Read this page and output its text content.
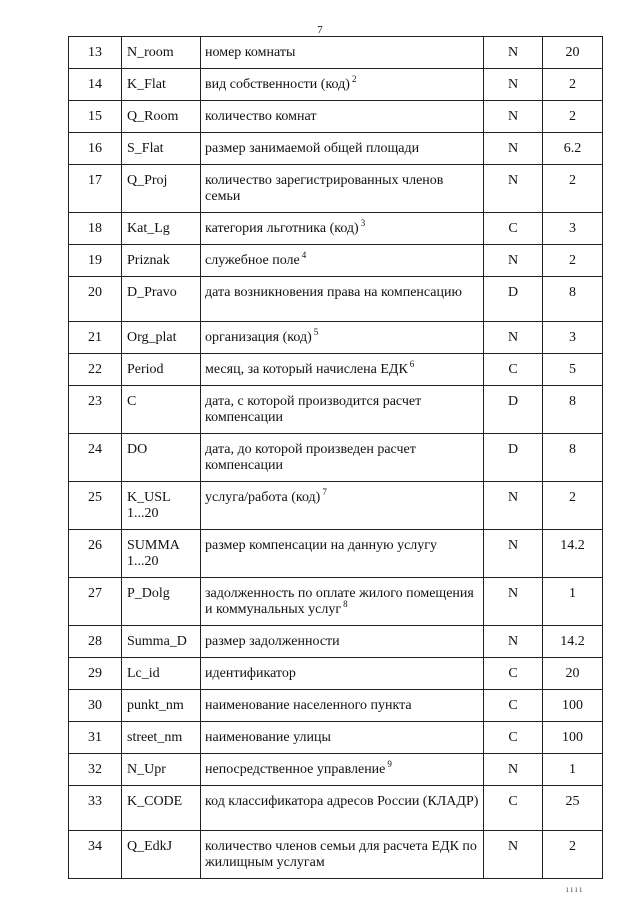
7
13	N_room	номер комнаты	N	20
14	K_Flat	вид собственности (код) $^2$	N	2
15	Q_Room	количество комнат	N	2
16	S_Flat	размер занимаемой общей площади	N	6.2
17	Q_Proj	количество зарегистрированных членов семьи	N	2
18	Kat_Lg	категория льготника (код) $^3$	C	3
19	Priznak	служебное поле $^4$	N	2
20	D_Pravo	дата возникновения права на компенсацию	D	8
21	Org_plat	организация (код) $^5$	N	3
22	Period	месяц, за который начислена ЕДК $^6$	C	5
23	C	дата, с которой производится расчет компенсации	D	8
24	DO	дата, до которой произведен расчет компенсации	D	8
25	K_USL 1...20	услуга/работа (код) $^7$	N	2
26	SUMMA 1...20	размер компенсации на данную услугу	N	14.2
27	P_Dolg	задолженность по оплате жилого помещения и коммунальных услуг $^8$	N	1
28	Summa_D	размер задолженности	N	14.2
29	Lc_id	идентификатор	C	20
30	punkt_nm	наименование населенного пункта	C	100
31	street_nm	наименование улицы	C	100
32	N_Upr	непосредственное управление $^9$	N	1
33	K_CODE	код классификатора адресов России (КЛАДР)	C	25
34	Q_EdkJ	количество членов семьи для расчета ЕДК по жилищным услугам	N	2
ıııı
